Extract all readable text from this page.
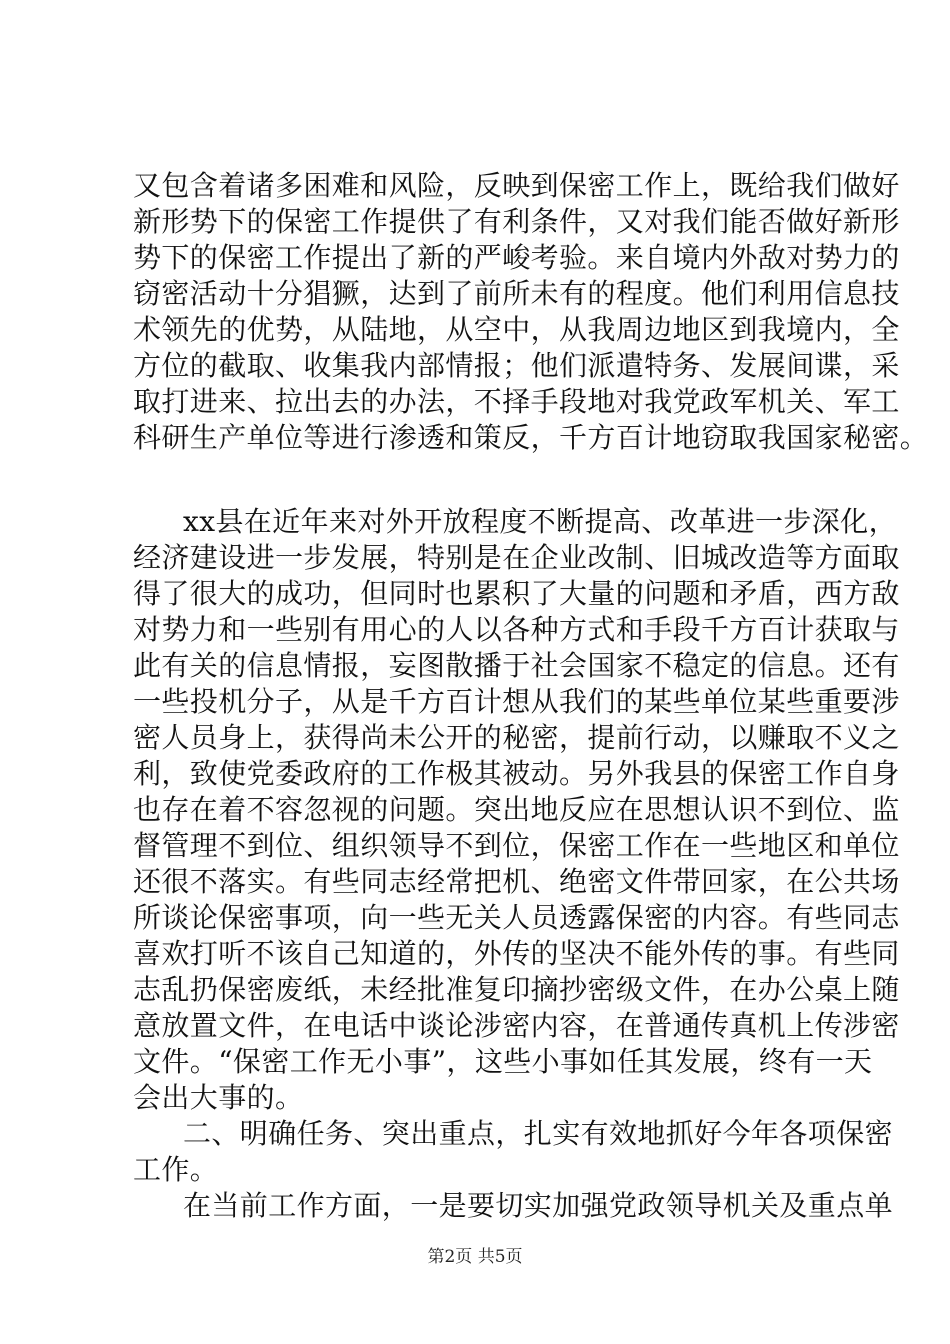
又包含着诸多困难和风险，反映到保密工作上，既给我们做好
新形势下的保密工作提供了有利条件，又对我们能否做好新形
势下的保密工作提出了新的严峻考验。来自境内外敌对势力的
窃密活动十分猖獗，达到了前所未有的程度。他们利用信息技
术领先的优势，从陆地，从空中，从我周边地区到我境内，全
方位的截取、收集我内部情报；他们派遣特务、发展间谍，采
取打进来、拉出去的办法，不择手段地对我党政军机关、军工
科研生产单位等进行渗透和策反，千方百计地窃取我国家秘密。
xx县在近年来对外开放程度不断提高、改革进一步深化，
经济建设进一步发展，特别是在企业改制、旧城改造等方面取
得了很大的成功，但同时也累积了大量的问题和矛盾，西方敌
对势力和一些别有用心的人以各种方式和手段千方百计获取与
此有关的信息情报，妄图散播于社会国家不稳定的信息。还有
一些投机分子，从是千方百计想从我们的某些单位某些重要涉
密人员身上，获得尚未公开的秘密，提前行动，以赚取不义之
利，致使党委政府的工作极其被动。另外我县的保密工作自身
也存在着不容忽视的问题。突出地反应在思想认识不到位、监
督管理不到位、组织领导不到位，保密工作在一些地区和单位
还很不落实。有些同志经常把机、绝密文件带回家，在公共场
所谈论保密事项，向一些无关人员透露保密的内容。有些同志
喜欢打听不该自己知道的，外传的坚决不能外传的事。有些同
志乱扔保密废纸，未经批准复印摘抄密级文件，在办公桌上随
意放置文件，在电话中谈论涉密内容，在普通传真机上传涉密
文件。“保密工作无小事”，这些小事如任其发展，终有一天
会出大事的。
二、明确任务、突出重点，扎实有效地抓好今年各项保密
工作。
在当前工作方面，一是要切实加强党政领导机关及重点单
第2页 共5页
